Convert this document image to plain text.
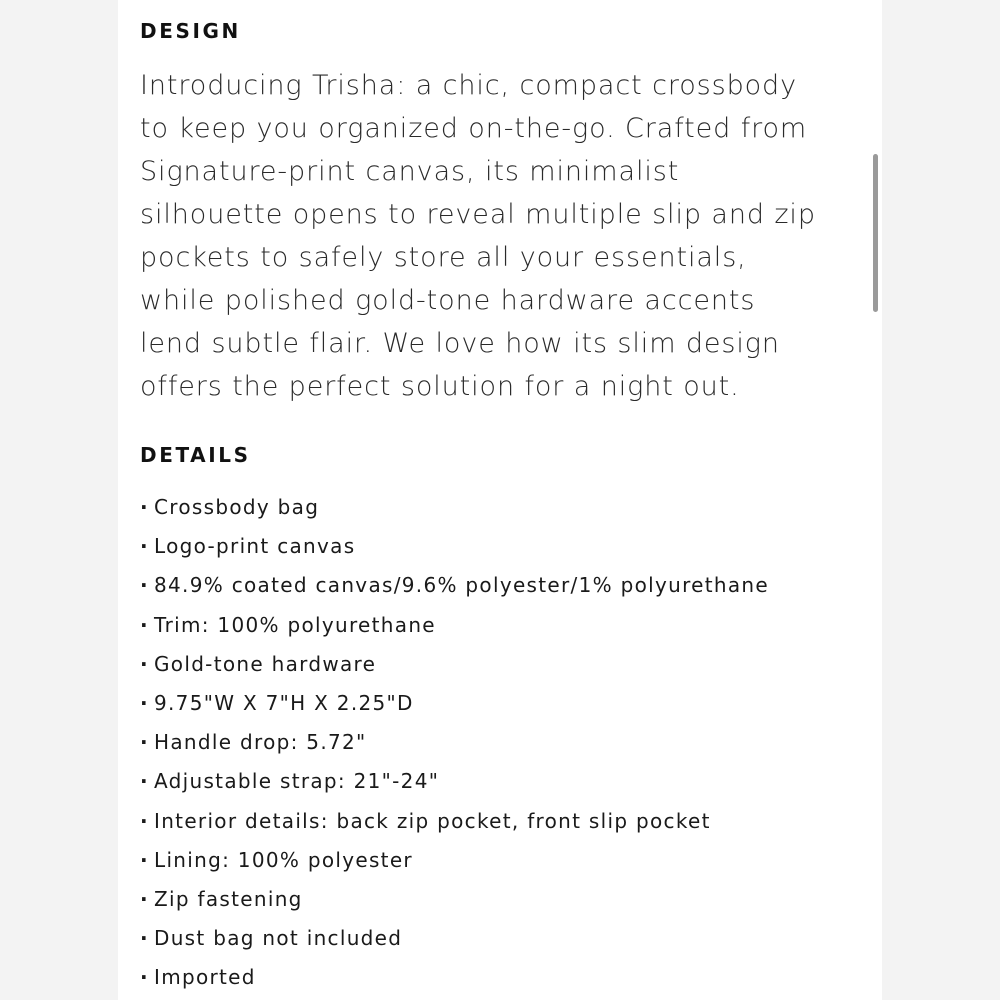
DESIGN

Introducing Trisha: a chic, compact crossbody
to keep you organized on-the-go. Crafted from
Signature-print canvas, its minimalist
silhouette opens to reveal multiple slip and zip
pockets to safely store all your essentials,
while polished gold-tone hardware accents
lend subtle flair. We love how its slim design
offers the perfect solution for a night out.

DETAILS
· Crossbody bag
· Logo-print canvas
· 84.9% coated canvas/9.6% polyester/1% polyurethane
· Trim: 100% polyurethane
· Gold-tone hardware
· 9.75"W X 7"H X 2.25"D
· Handle drop: 5.72"
· Adjustable strap: 21"-24"
· Interior details: back zip pocket, front slip pocket
· Lining: 100% polyester
· Zip fastening
· Dust bag not included
· Imported
